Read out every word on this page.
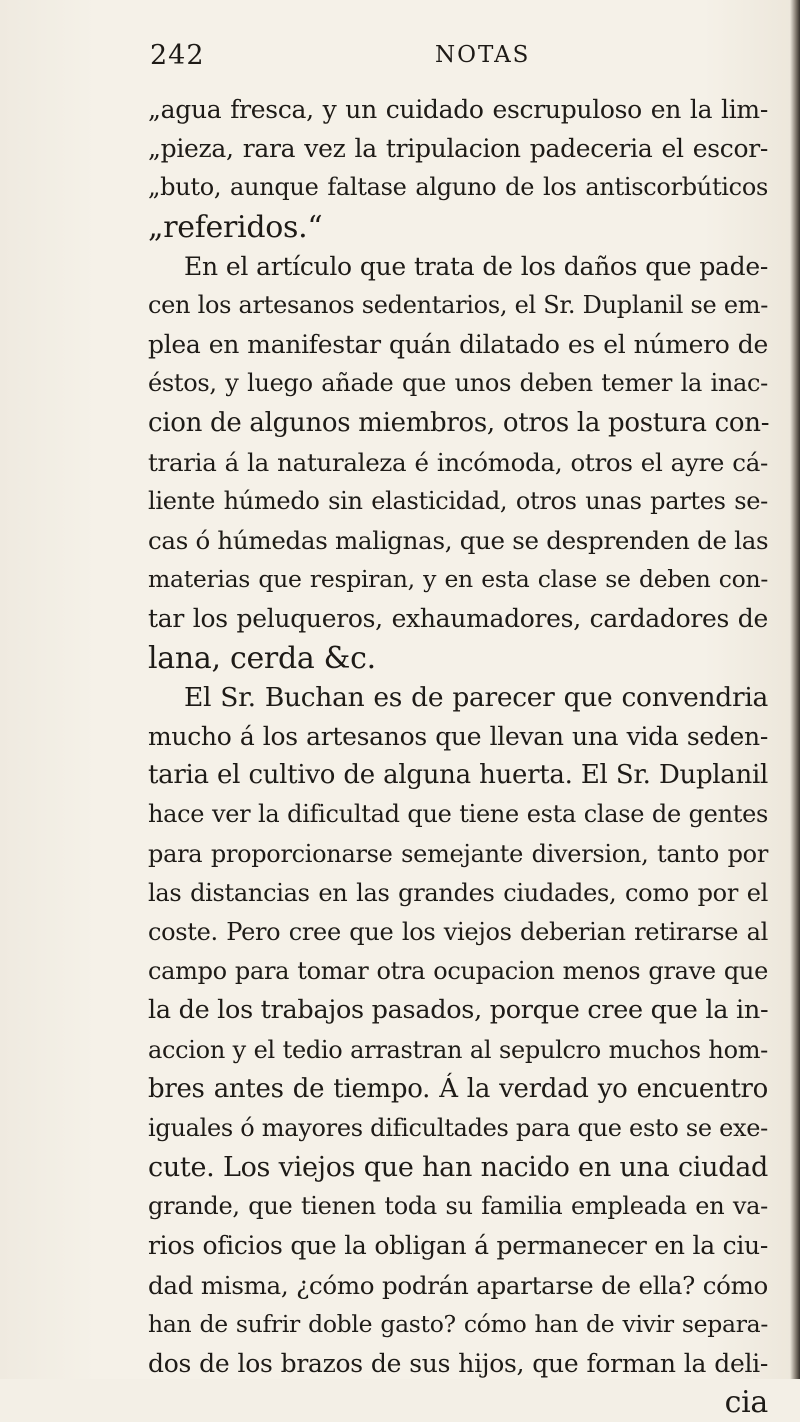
242	NOTAS
„agua fresca, y un cuidado escrupuloso en la lim-
„pieza, rara vez la tripulacion padeceria el escor-
„buto, aunque faltase alguno de los antiscorbúticos
„referidos.“
En el artículo que trata de los daños que pade-
cen los artesanos sedentarios, el Sr. Duplanil se em-
plea en manifestar quán dilatado es el número de
éstos, y luego añade que unos deben temer la inac-
cion de algunos miembros, otros la postura con-
traria á la naturaleza é incómoda, otros el ayre cá-
liente húmedo sin elasticidad, otros unas partes se-
cas ó húmedas malignas, que se desprenden de las
materias que respiran, y en esta clase se deben con-
tar los peluqueros, exhaumadores, cardadores de
lana, cerda &c.
El Sr. Buchan es de parecer que convendria
mucho á los artesanos que llevan una vida seden-
taria el cultivo de alguna huerta. El Sr. Duplanil
hace ver la dificultad que tiene esta clase de gentes
para proporcionarse semejante diversion, tanto por
las distancias en las grandes ciudades, como por el
coste. Pero cree que los viejos deberian retirarse al
campo para tomar otra ocupacion menos grave que
la de los trabajos pasados, porque cree que la in-
accion y el tedio arrastran al sepulcro muchos hom-
bres antes de tiempo. Á la verdad yo encuentro
iguales ó mayores dificultades para que esto se exe-
cute. Los viejos que han nacido en una ciudad
grande, que tienen toda su familia empleada en va-
rios oficios que la obligan á permanecer en la ciu-
dad misma, ¿cómo podrán apartarse de ella? cómo
han de sufrir doble gasto? cómo han de vivir separa-
dos de los brazos de sus hijos, que forman la deli-
cia
